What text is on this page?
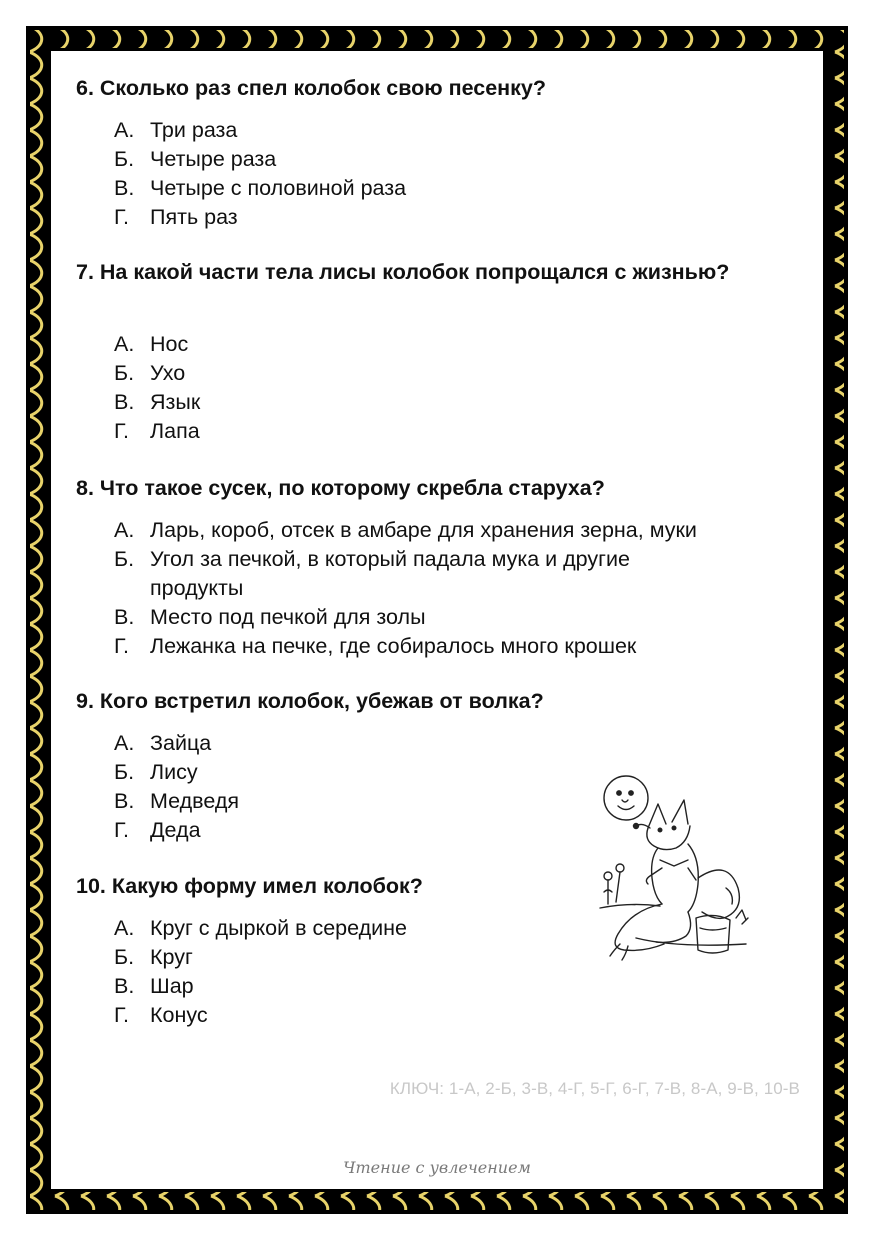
6. Сколько раз спел колобок свою песенку?
А. Три раза
Б. Четыре раза
В. Четыре с половиной раза
Г. Пять раз
7. На какой части тела лисы колобок попрощался с жизнью?
А. Нос
Б. Ухо
В. Язык
Г. Лапа
8. Что такое сусек, по которому скребла старуха?
А. Ларь, короб, отсек в амбаре для хранения зерна, муки
Б. Угол за печкой, в который падала мука и другие продукты
В. Место под печкой для золы
Г. Лежанка на печке, где собиралось много крошек
9. Кого встретил колобок, убежав от волка?
А. Зайца
Б. Лису
В. Медведя
Г. Деда
10. Какую форму имел колобок?
А. Круг с дыркой в середине
Б. Круг
В. Шар
Г. Конус
КЛЮЧ: 1-А, 2-Б, 3-В, 4-Г, 5-Г, 6-Г, 7-В, 8-А, 9-В, 10-В
Чтение с увлечением
